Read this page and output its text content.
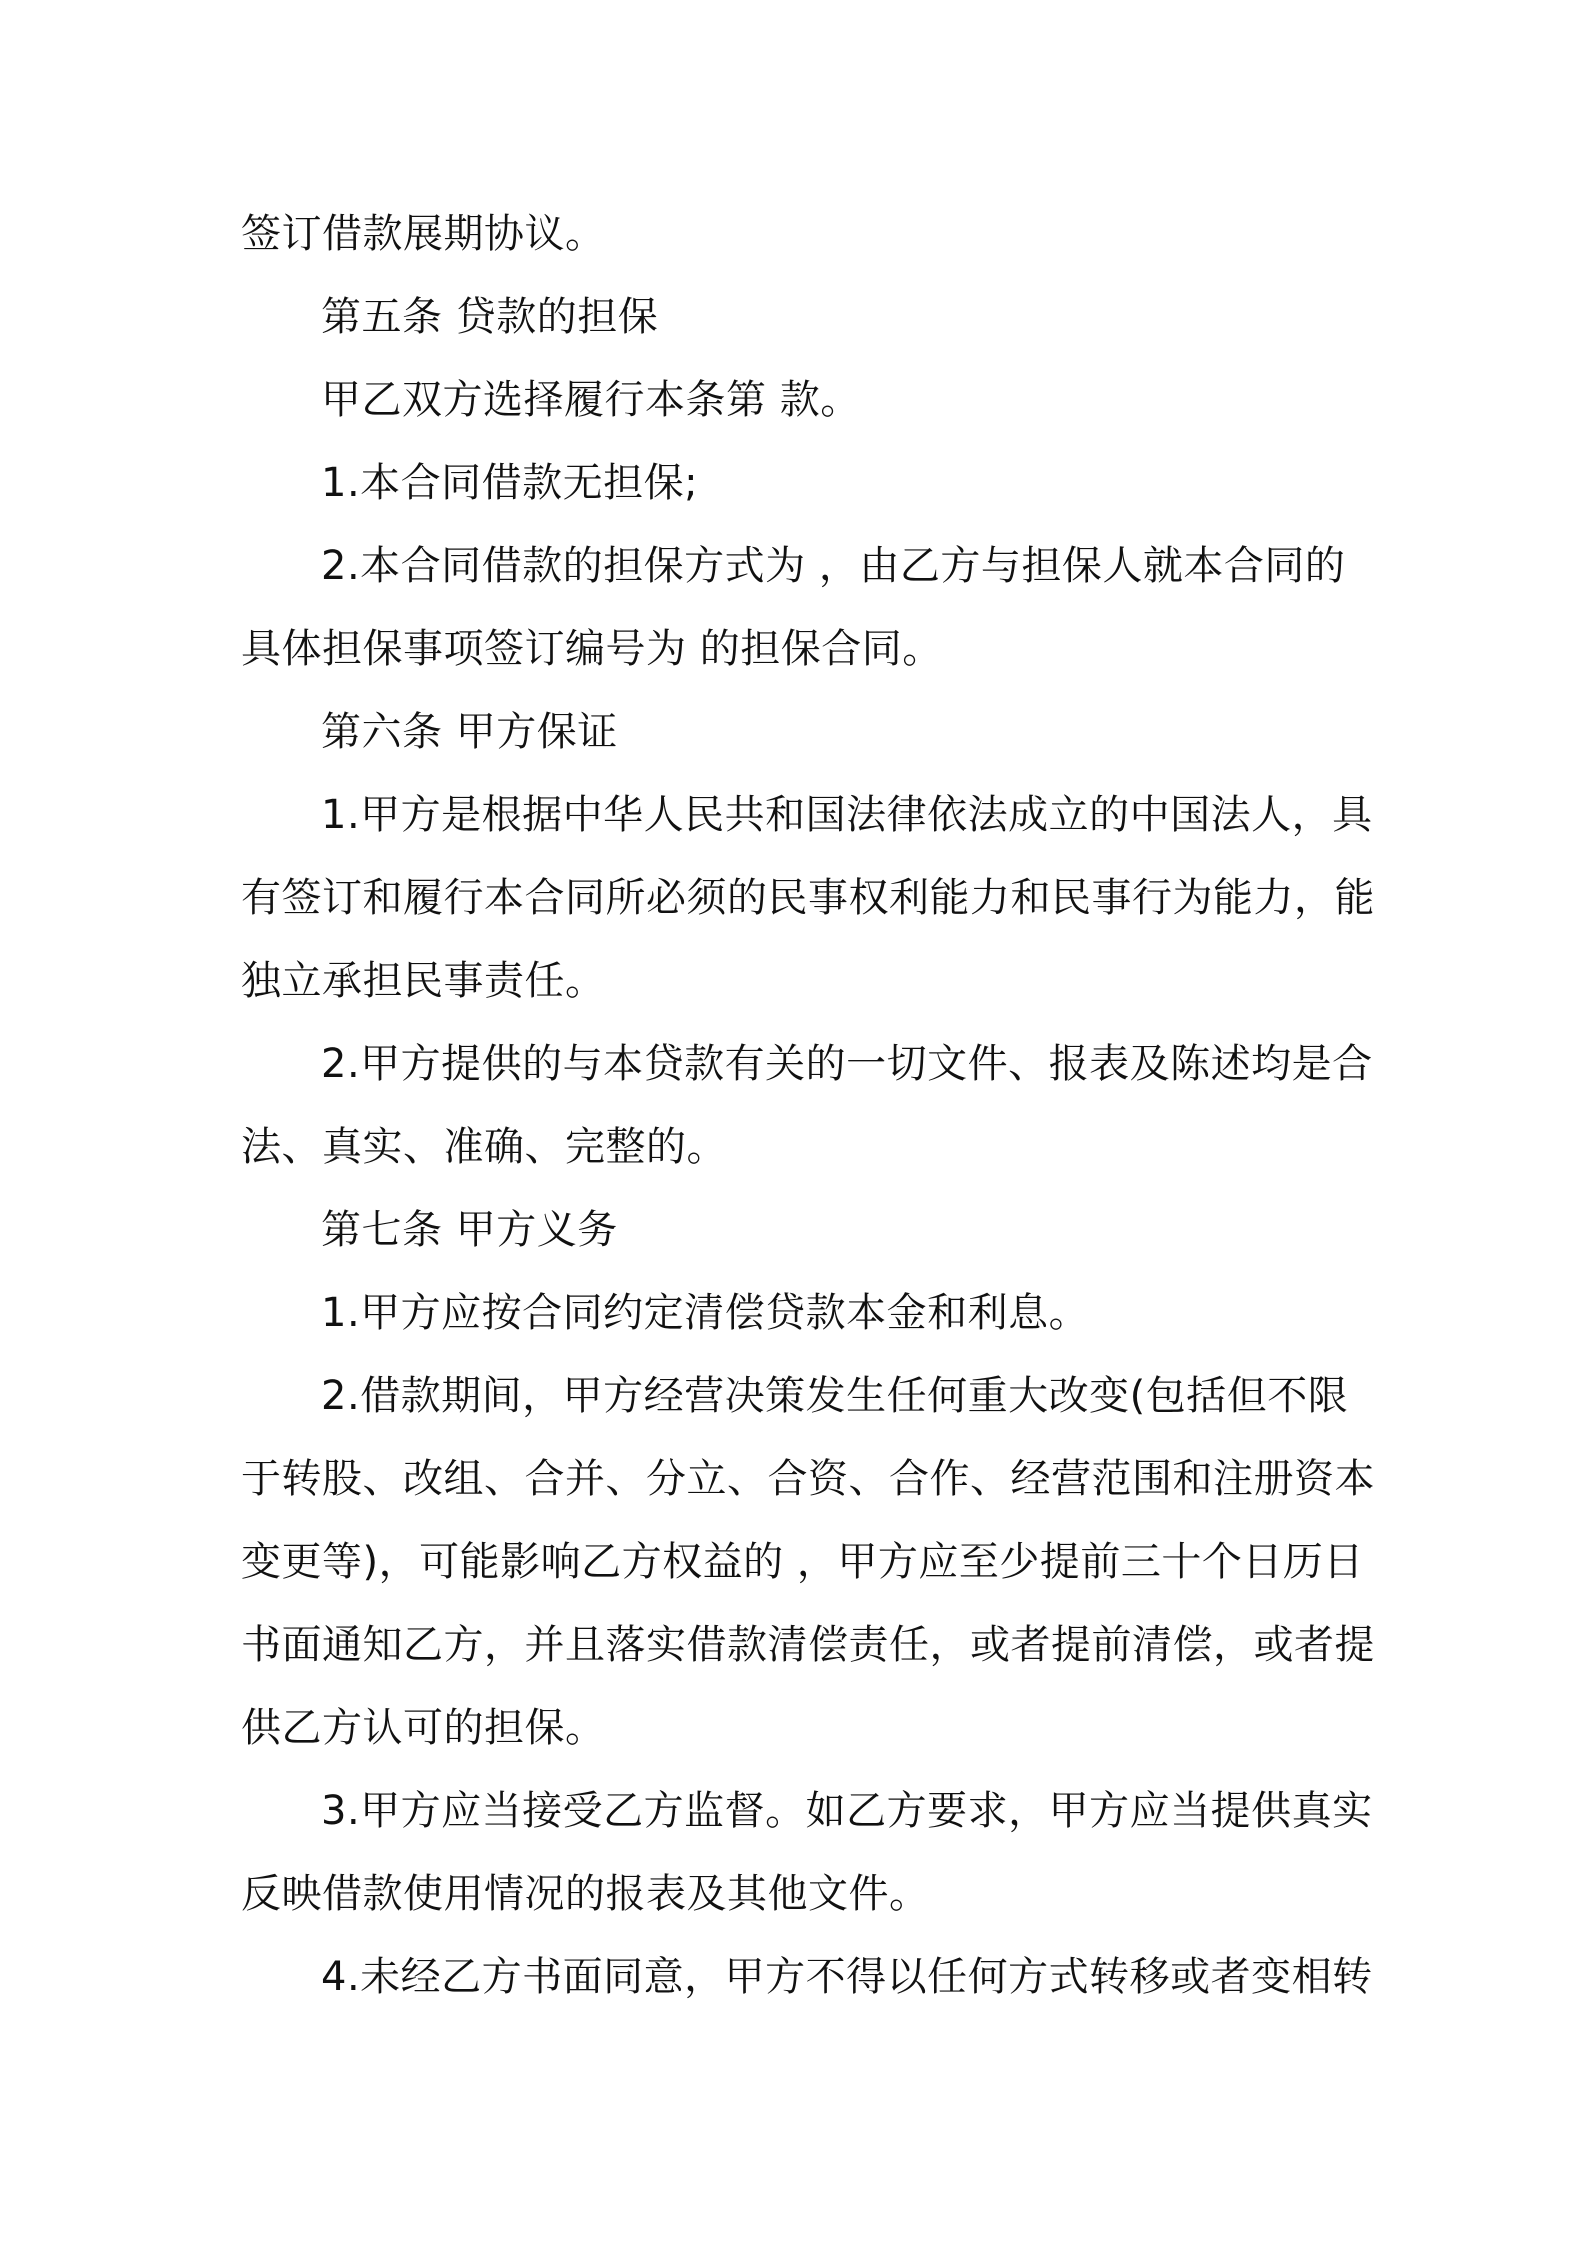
签订借款展期协议。
第五条 贷款的担保
甲乙双方选择履行本条第 款。
1.本合同借款无担保;
2.本合同借款的担保方式为 ，由乙方与担保人就本合同的
具体担保事项签订编号为 的担保合同。
第六条 甲方保证
1.甲方是根据中华人民共和国法律依法成立的中国法人，具
有签订和履行本合同所必须的民事权利能力和民事行为能力，能
独立承担民事责任。
2.甲方提供的与本贷款有关的一切文件、报表及陈述均是合
法、真实、准确、完整的。
第七条 甲方义务
1.甲方应按合同约定清偿贷款本金和利息。
2.借款期间，甲方经营决策发生任何重大改变(包括但不限
于转股、改组、合并、分立、合资、合作、经营范围和注册资本
变更等)，可能影响乙方权益的 ，甲方应至少提前三十个日历日
书面通知乙方，并且落实借款清偿责任，或者提前清偿，或者提
供乙方认可的担保。
3.甲方应当接受乙方监督。如乙方要求，甲方应当提供真实
反映借款使用情况的报表及其他文件。
4.未经乙方书面同意，甲方不得以任何方式转移或者变相转
